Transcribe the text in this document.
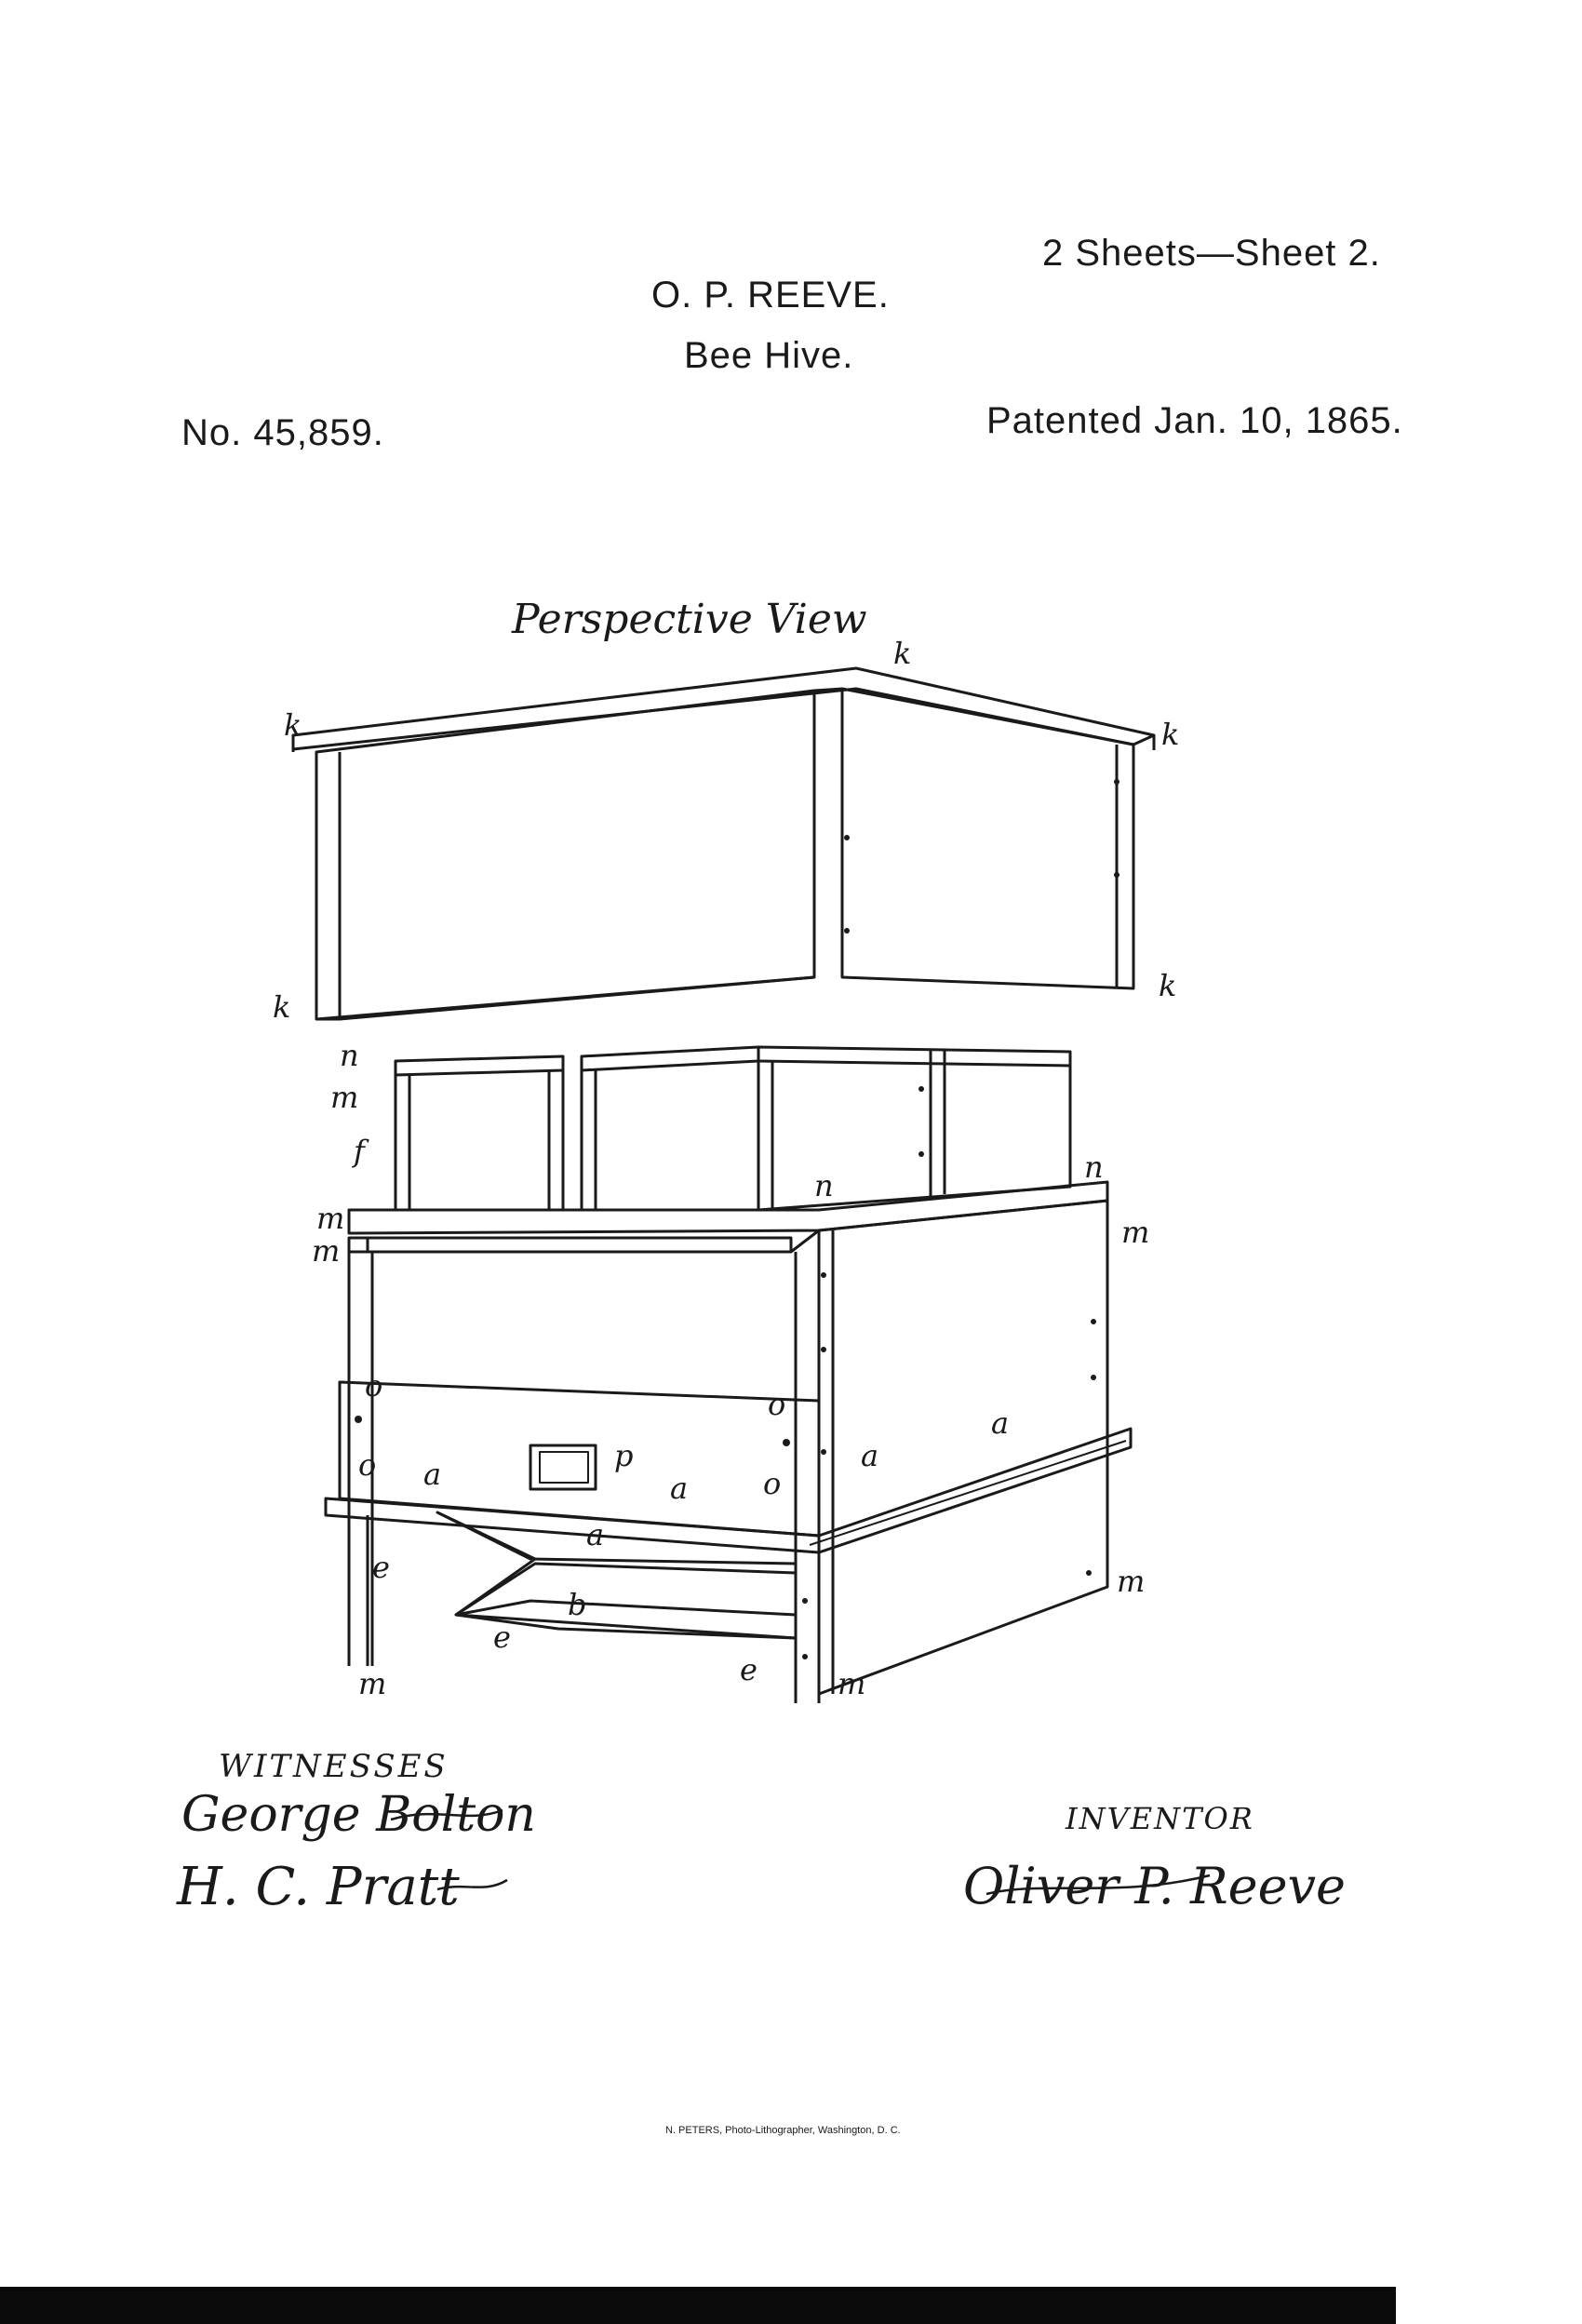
2 Sheets—Sheet 2.
O. P. REEVE.
Bee Hive.
No. 45,859.	Patented Jan. 10, 1865.
Perspective View
k
k	k
k
k
n
m
f
m
m
n
n
m
o
o
o
o
a
p
a
a
a
a
b
e
e
e
m	m
m
WITNESSES
George Bolton
H. C. Pratt
INVENTOR
Oliver P. Reeve
N. PETERS, Photo-Lithographer, Washington, D. C.
